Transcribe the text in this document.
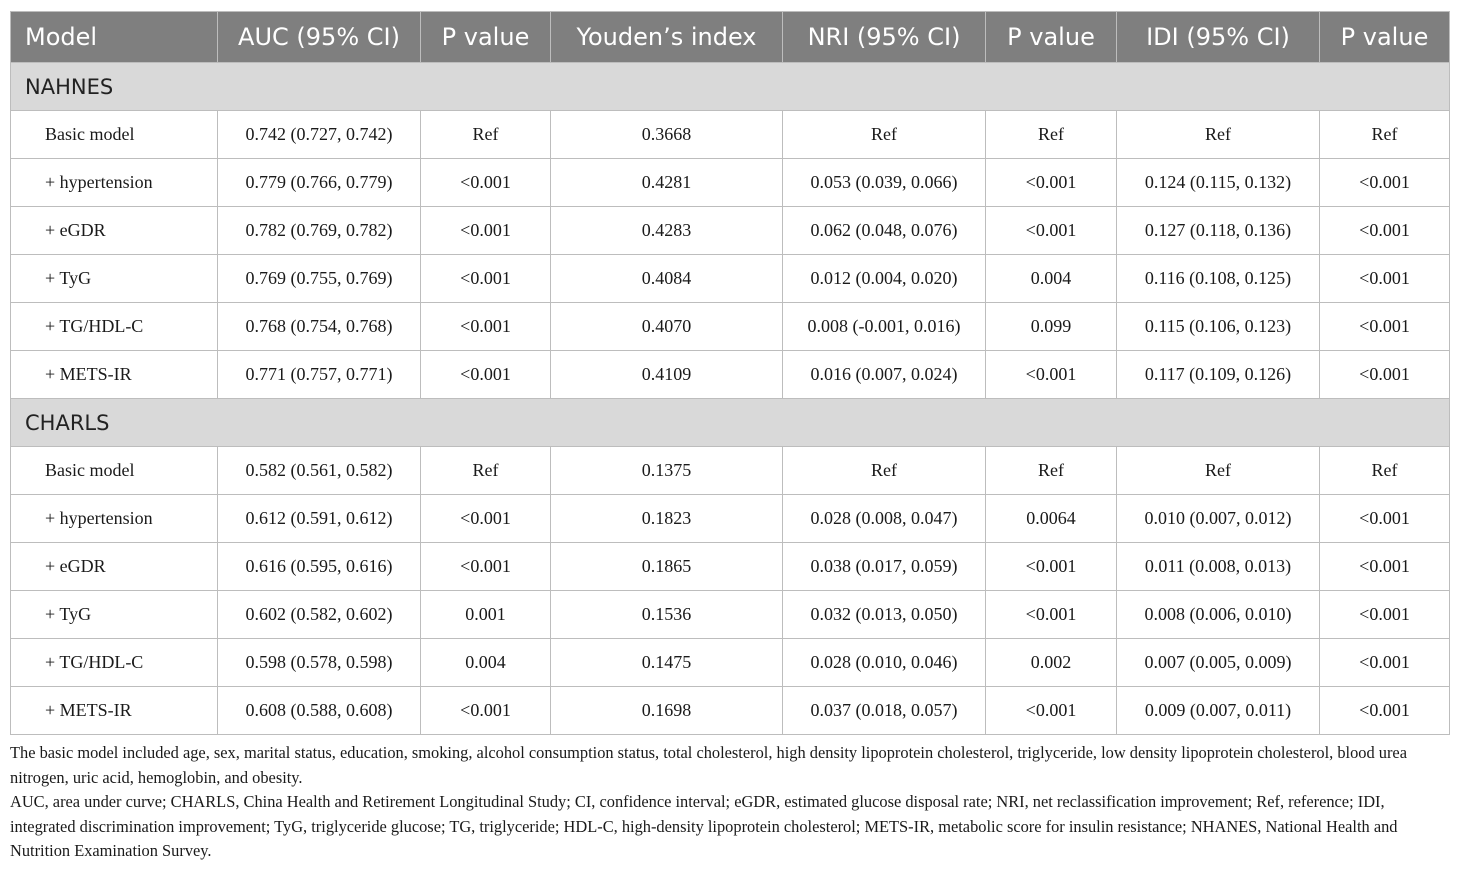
Model	AUC (95% CI)	P value	Youden’s index	NRI (95% CI)	P value	IDI (95% CI)	P value
NAHNES							
Basic model	0.742 (0.727, 0.742)	Ref	0.3668	Ref	Ref	Ref	Ref
+ hypertension	0.779 (0.766, 0.779)	<0.001	0.4281	0.053 (0.039, 0.066)	<0.001	0.124 (0.115, 0.132)	<0.001
+ eGDR	0.782 (0.769, 0.782)	<0.001	0.4283	0.062 (0.048, 0.076)	<0.001	0.127 (0.118, 0.136)	<0.001
+ TyG	0.769 (0.755, 0.769)	<0.001	0.4084	0.012 (0.004, 0.020)	0.004	0.116 (0.108, 0.125)	<0.001
+ TG/HDL-C	0.768 (0.754, 0.768)	<0.001	0.4070	0.008 (-0.001, 0.016)	0.099	0.115 (0.106, 0.123)	<0.001
+ METS-IR	0.771 (0.757, 0.771)	<0.001	0.4109	0.016 (0.007, 0.024)	<0.001	0.117 (0.109, 0.126)	<0.001
CHARLS							
Basic model	0.582 (0.561, 0.582)	Ref	0.1375	Ref	Ref	Ref	Ref
+ hypertension	0.612 (0.591, 0.612)	<0.001	0.1823	0.028 (0.008, 0.047)	0.0064	0.010 (0.007, 0.012)	<0.001
+ eGDR	0.616 (0.595, 0.616)	<0.001	0.1865	0.038 (0.017, 0.059)	<0.001	0.011 (0.008, 0.013)	<0.001
+ TyG	0.602 (0.582, 0.602)	0.001	0.1536	0.032 (0.013, 0.050)	<0.001	0.008 (0.006, 0.010)	<0.001
+ TG/HDL-C	0.598 (0.578, 0.598)	0.004	0.1475	0.028 (0.010, 0.046)	0.002	0.007 (0.005, 0.009)	<0.001
+ METS-IR	0.608 (0.588, 0.608)	<0.001	0.1698	0.037 (0.018, 0.057)	<0.001	0.009 (0.007, 0.011)	<0.001

The basic model included age, sex, marital status, education, smoking, alcohol consumption status, total cholesterol, high density lipoprotein cholesterol, triglyceride, low density lipoprotein cholesterol, blood urea nitrogen, uric acid, hemoglobin, and obesity.

AUC, area under curve; CHARLS, China Health and Retirement Longitudinal Study; CI, confidence interval; eGDR, estimated glucose disposal rate; NRI, net reclassification improvement; Ref, reference; IDI, integrated discrimination improvement; TyG, triglyceride glucose; TG, triglyceride; HDL-C, high-density lipoprotein cholesterol; METS-IR, metabolic score for insulin resistance; NHANES, National Health and Nutrition Examination Survey.
